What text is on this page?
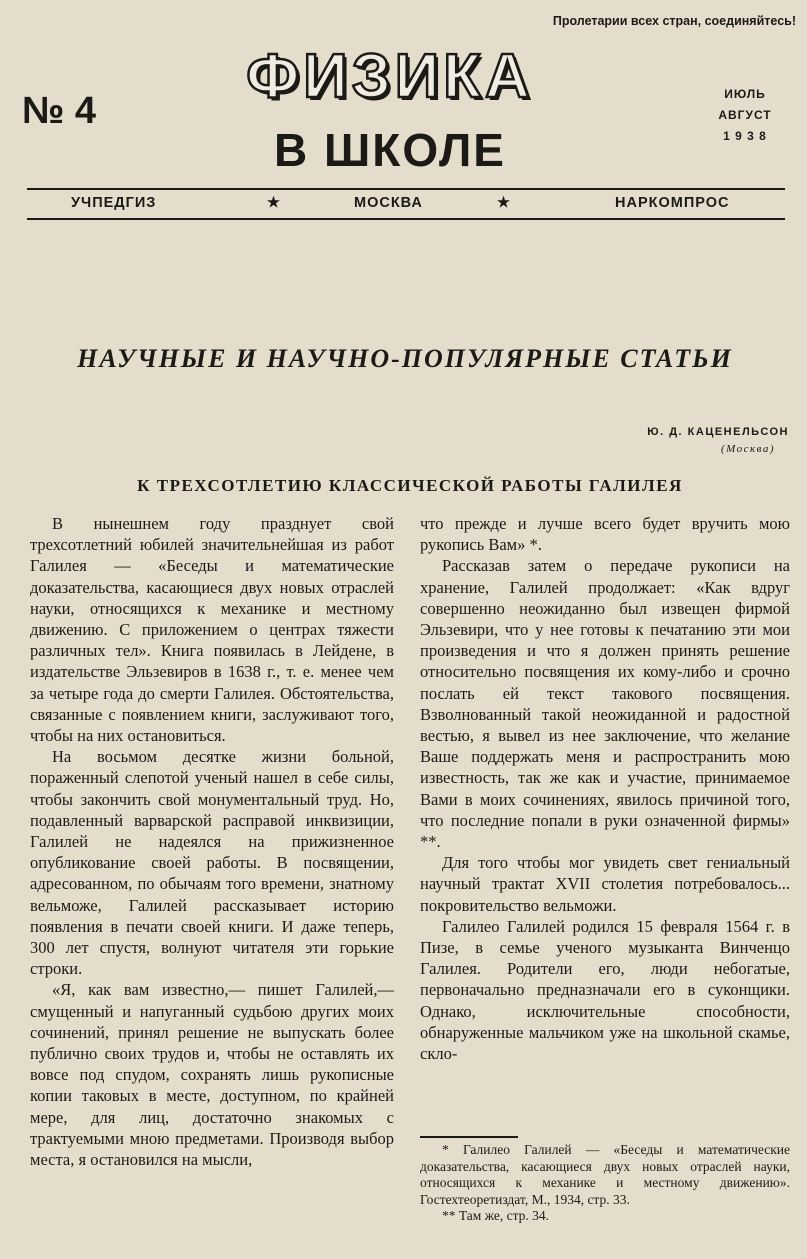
Пролетарии всех стран, соединяйтесь!
№ 4	ФИЗИКА
В ШКОЛЕ
ИЮЛЬ
АВГУСТ
1 9 3 8
УЧПЕДГИЗ	★	МОСКВА	★	НАРКОМПРОС
НАУЧНЫЕ И НАУЧНО-ПОПУЛЯРНЫЕ СТАТЬИ
Ю. Д. КАЦЕНЕЛЬСОН
(Москва)
К ТРЕХСОТЛЕТИЮ КЛАССИЧЕСКОЙ РАБОТЫ ГАЛИЛЕЯ

В нынешнем году празднует свой трехсотлетний юбилей значительнейшая из работ Галилея — «Беседы и математические доказательства, касающиеся двух новых отраслей науки, относящихся к механике и местному движению. С приложением о центрах тяжести различных тел». Книга появилась в Лейдене, в издательстве Эльзевиров в 1638 г., т. е. менее чем за четыре года до смерти Галилея. Обстоятельства, связанные с появлением книги, заслуживают того, чтобы на них остановиться.

На восьмом десятке жизни больной, пораженный слепотой ученый нашел в себе силы, чтобы закончить свой монументальный труд. Но, подавленный варварской расправой инквизиции, Галилей не надеялся на прижизненное опубликование своей работы. В посвящении, адресованном, по обычаям того времени, знатному вельможе, Галилей рассказывает историю появления в печати своей книги. И даже теперь, 300 лет спустя, волнуют читателя эти горькие строки.

«Я, как вам известно,— пишет Галилей,— смущенный и напуганный судьбою других моих сочинений, принял решение не выпускать более публично своих трудов и, чтобы не оставлять их вовсе под спудом, сохранять лишь рукописные копии таковых в месте, доступном, по крайней мере, для лиц, достаточно знакомых с трактуемыми мною предметами. Производя выбор места, я остановился на мысли,

что прежде и лучше всего будет вручить мою рукопись Вам» *.

Рассказав затем о передаче рукописи на хранение, Галилей продолжает: «Как вдруг совершенно неожиданно был извещен фирмой Эльзевири, что у нее готовы к печатанию эти мои произведения и что я должен принять решение относительно посвящения их кому-либо и срочно послать ей текст такового посвящения. Взволнованный такой неожиданной и радостной вестью, я вывел из нее заключение, что желание Ваше поддержать меня и распространить мою известность, так же как и участие, принимаемое Вами в моих сочинениях, явилось причиной того, что последние попали в руки означенной фирмы» **.

Для того чтобы мог увидеть свет гениальный научный трактат XVII столетия потребовалось... покровительство вельможи.

Галилео Галилей родился 15 февраля 1564 г. в Пизе, в семье ученого музыканта Винченцо Галилея. Родители его, люди небогатые, первоначально предназначали его в суконщики. Однако, исключительные способности, обнаруженные мальчиком уже на школьной скамье, скло-

* Галилео Галилей — «Беседы и математические доказательства, касающиеся двух новых отраслей науки, относящихся к механике и местному движению». Гостехтеоретиздат, М., 1934, стр. 33.

** Там же, стр. 34.
